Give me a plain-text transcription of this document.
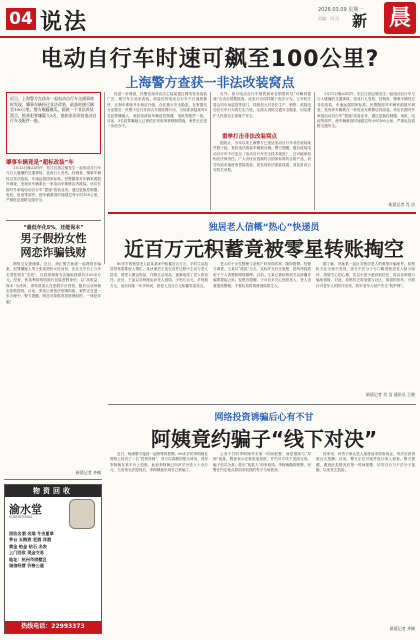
04 说法	2026.03.09 星期一
责编：肖 洁 新 晨
电动自行车时速可飙至100公里?
上海警方查获一非法改装窝点
近日，上海警方在侦办一起电动自行车交通事故时发现，肇事车辆经过非法改装，最高时速可飙至100公里。警方顺藤摸瓜，捣毁一个非法改装窝点，抓获犯罪嫌疑人3名，查扣非法改装电动自行车及配件一批。
肇事车辆竟是“超标改装”车

1月13日晚22时许，松江区泗泾镇发生一起电动自行车与行人碰撞的交通事故，造成行人受伤。经调查，肇事车辆经过非法改装，车速远超国家标准。民警随即对车辆来源展开调查，发现该车辆系在一家电动车维修店内改装。该店长期对外承接电动自行车“提速”改装业务，通过更换控制器、电机、电池等部件，使车辆最高时速超过每小时100公里，严重危及道路交通安全。

经进一步调查，民警发现该店店主陆某通过网络发布改装广告，吸引车主前来改装。改装后的电动自行车不仅速度极快，且刹车系统并未相应升级，存在极大安全隐患。在掌握充分证据后，民警于近日对该店开展收网行动，当场抓获陆某等3名犯罪嫌疑人，查扣待改装车辆及控制器、电机等配件一批。目前，3名犯罪嫌疑人已被依法采取刑事强制措施，案件正在进一步侦办中。

另外，部分电动自行车销售商家在销售时以“可解码提速”为卖点招揽顾客，此类行为同样属于违法行为。公安机关将会同市场监管等部门，持续加大对非法生产、销售、改装电动自行车行为的打击力度，从源头消除交通安全隐患，切实维护人民群众生命财产安全。

重拳打击非法改装窝点

据统计，今年以来上海警方已查处电动自行车非法改装案件数十起，查扣违法改装车辆数百辆。警方提醒，擅自改装电动自行车不仅违反《电动自行车安全技术规范》，还可能承担相应法律责任。广大市民应选购符合国家标准的合格产品，切勿为追求速度而冒险改装，如发现非法改装线索，请及时向公安机关举报。

1月13日晚22时许，松江区泗泾镇发生一起电动自行车与行人碰撞的交通事故，造成行人受伤。经调查，肇事车辆经过非法改装，车速远超国家标准。民警随即对车辆来源展开调查，发现该车辆系在一家电动车维修店内改装。该店长期对外承接电动自行车“提速”改装业务，通过更换控制器、电机、电池等部件，使车辆最高时速超过每小时100公里，严重危及道路交通安全。

新晨记者 肖 洁
“最低年化5%，还能保本”
男子假扮女性
网恋诈骗钱财

网络交友需谨慎。近日，徐汇警方侦破一起网络诈骗案，犯罪嫌疑人男子张某假扮女性身份，在社交平台上与多名男性网友“恋爱”，以投资理财为名骗取钱财共计20余万元。经查，张某利用网络图片包装虚假身份，以“高收益、保本”为诱饵，诱导被害人在虚假平台投资，随后以各种理由拒绝提现。目前，张某已被依法刑事拘留，案件正在进一步办理中。警方提醒，网恋对象推荐投资理财的，一律是诈骗！

新晨记者 齐楠
独居老人信概“热心”快递员
近百万元积蓄竟被零星转账掏空

80多岁的独居老人赵某某家中积蓄近百万元，平时生活起居常常需要他人帮忙。某快递员王某在送件过程中主动与老人搭话，帮老人搬运物品、代购生活用品，逐渐取得了老人的信任。此后，王某以各种理由向老人借钱，少则几百元，多则数万元，前后持续一年多时间，将老人近百万元积蓄零星转走。

老人的子女在整理父亲账户时发现异常，随即报警。经警方调查，王某以“借款”为名，实际并无归还意愿，将所得钱款用于个人消费和网络赌博。目前，王某已被检察机关以涉嫌诈骗罪提起公诉。检察官提醒，子女应多关心独居老人，老人也要提高警惕，不要轻易将钱财借给陌生人。

据了解，该案系一起针对独居老人的典型诈骗案件。检察机关在办案中发现，部分不法分子专门瞄准独居老人缺少陪伴、渴望关心的心理，先以小恩小惠获取信任，再以各种借口骗取钱财。对此，检察机关将加强与社区、街道的协作，开展针对老年人的防诈宣传，筑牢老年人财产安全“防护网”。

新晨记者 肖 洁 通讯员 王晓
网络投资诱骗后心有不甘
阿姨竟约骗子“线下对决”

近日，杨浦警方接到一起特殊的报警。60多岁的李阿姨在网络上结识了一名“投资导师”，对方以高额回报为诱饵，诱导李阿姨在某平台上投资。此前李阿姨已向该平台转入十余万元，当发现无法提现后，李阿姨意识到自己被骗了。

心有不甘的李阿姨并未第一时间报警，而是继续与“导师”周旋，假意表示还要追加投资，并约对方线下见面交易。骗子信以为真，派出“取款人”前来取钱。李阿姨随即报警，民警在约定地点将前来取钱的男子当场抓获。

经审讯，该男子承认受人指使前来收取现金，每次可获得数百元报酬。目前，警方正在对案件进行深入侦查。警方提醒，遇到此类情况应第一时间报警，切勿自行与不法分子接触，以免发生危险。

新晨记者 齐楠
物资回收
渝水堂
YUSHUITANG
回收名酒 名烟 冬虫夏草
茅台 五粮液 老酒 洋酒
黄金 铂金 钻石 名表
上门回收 现金交易
地址：杭州市拱墅区
诚信经营 价格公道
热线电话：22993373
